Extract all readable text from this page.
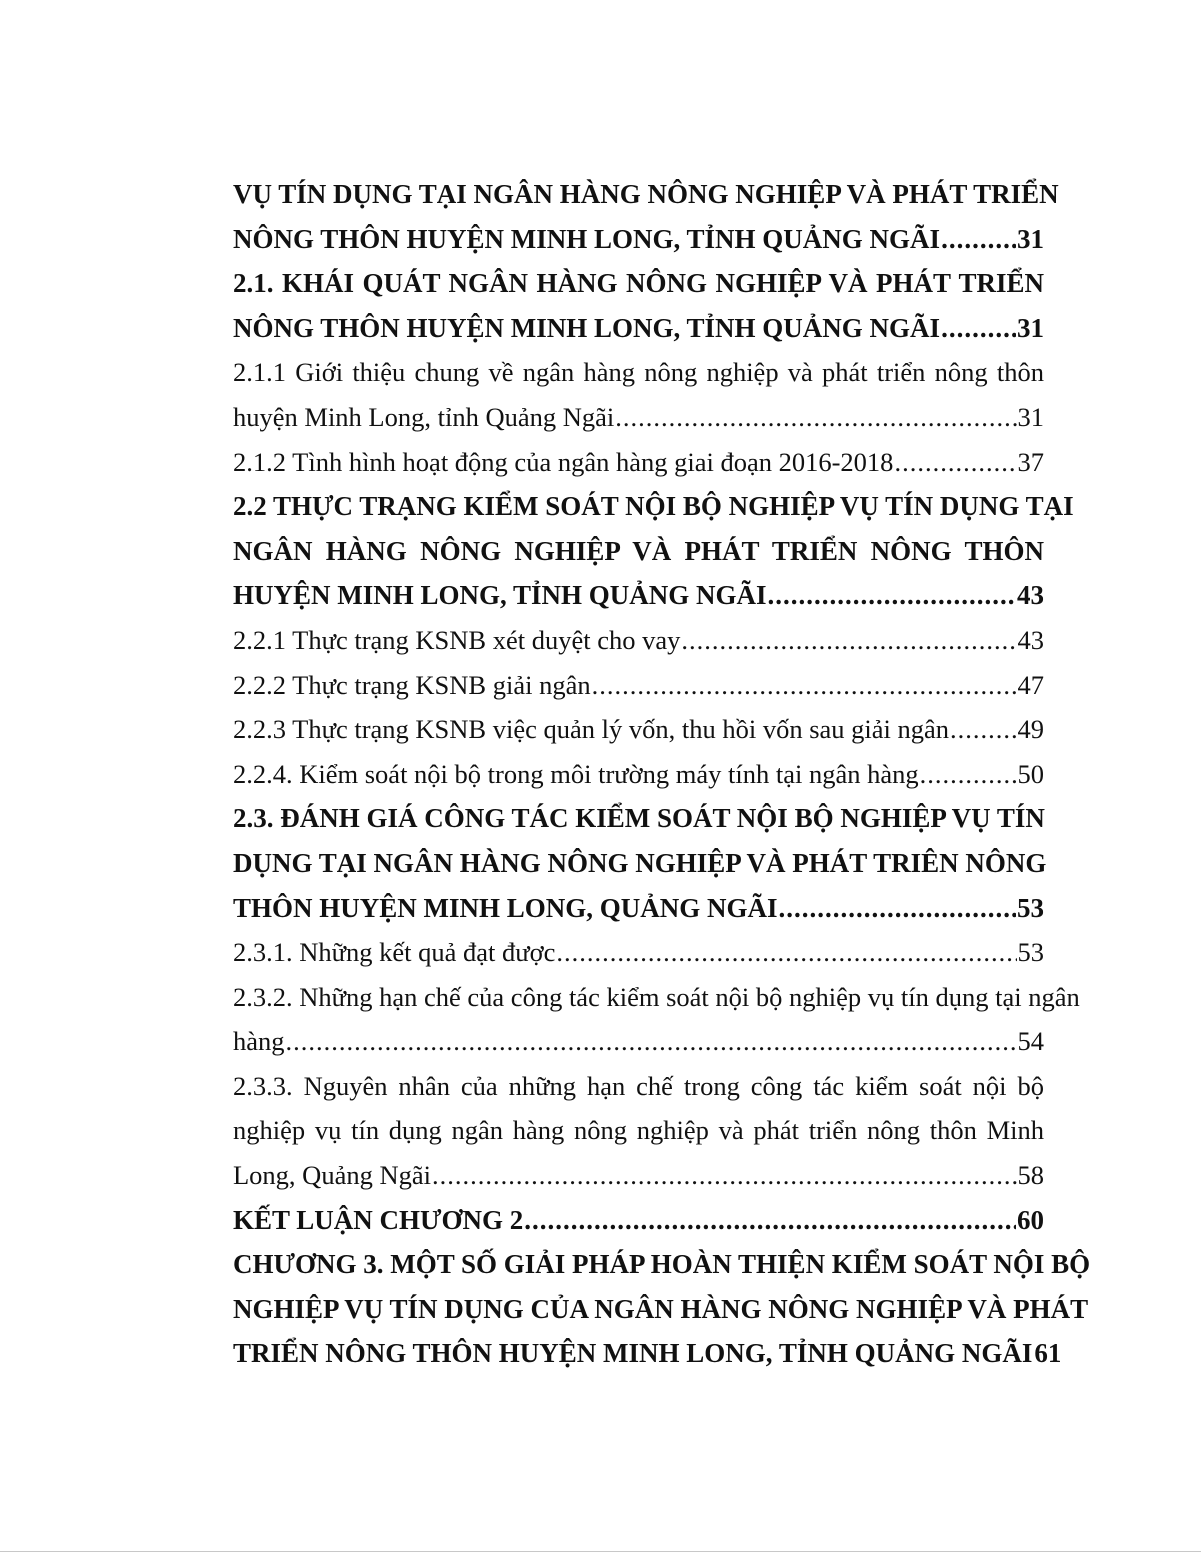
VỤ TÍN DỤNG TẠI NGÂN HÀNG NÔNG NGHIỆP VÀ PHÁT TRIỂN
NÔNG THÔN HUYỆN MINH LONG, TỈNH QUẢNG NGÃI .....	31
2.1. KHÁI QUÁT NGÂN HÀNG NÔNG NGHIỆP VÀ PHÁT TRIỂN
NÔNG THÔN HUYỆN MINH LONG, TỈNH QUẢNG NGÃI .....	31
2.1.1 Giới thiệu chung về ngân hàng nông nghiệp và phát triển nông thôn
huyện Minh Long, tỉnh Quảng Ngãi .....	31
2.1.2 Tình hình hoạt động của ngân hàng giai đoạn 2016-2018 .....	37
2.2 THỰC TRẠNG KIỂM SOÁT NỘI BỘ NGHIỆP VỤ TÍN DỤNG TẠI
NGÂN HÀNG NÔNG NGHIỆP VÀ PHÁT TRIỂN NÔNG THÔN
HUYỆN MINH LONG, TỈNH QUẢNG NGÃI .....	43
2.2.1 Thực trạng KSNB xét duyệt cho vay .....	43
2.2.2 Thực trạng KSNB giải ngân .....	47
2.2.3 Thực trạng KSNB việc quản lý vốn, thu hồi vốn sau giải ngân .....	49
2.2.4. Kiểm soát nội bộ trong môi trường máy tính tại ngân hàng .....	50
2.3. ĐÁNH GIÁ CÔNG TÁC KIỂM SOÁT NỘI BỘ NGHIỆP VỤ TÍN
DỤNG TẠI NGÂN HÀNG NÔNG NGHIỆP VÀ PHÁT TRIÊN NÔNG
THÔN HUYỆN MINH LONG, QUẢNG NGÃI .....	53
2.3.1. Những kết quả đạt được .....	53
2.3.2. Những hạn chế của công tác kiểm soát nội bộ nghiệp vụ tín dụng tại ngân
hàng .....	54
2.3.3. Nguyên nhân của những hạn chế trong công tác kiểm soát nội bộ
nghiệp vụ tín dụng ngân hàng nông nghiệp và phát triển nông thôn Minh
Long, Quảng Ngãi .....	58
KẾT LUẬN CHƯƠNG 2 .....	60
CHƯƠNG 3. MỘT SỐ GIẢI PHÁP HOÀN THIỆN KIỂM SOÁT NỘI BỘ
NGHIỆP VỤ TÍN DỤNG CỦA NGÂN HÀNG NÔNG NGHIỆP VÀ PHÁT
TRIỂN NÔNG THÔN HUYỆN MINH LONG, TỈNH QUẢNG NGÃI 61
